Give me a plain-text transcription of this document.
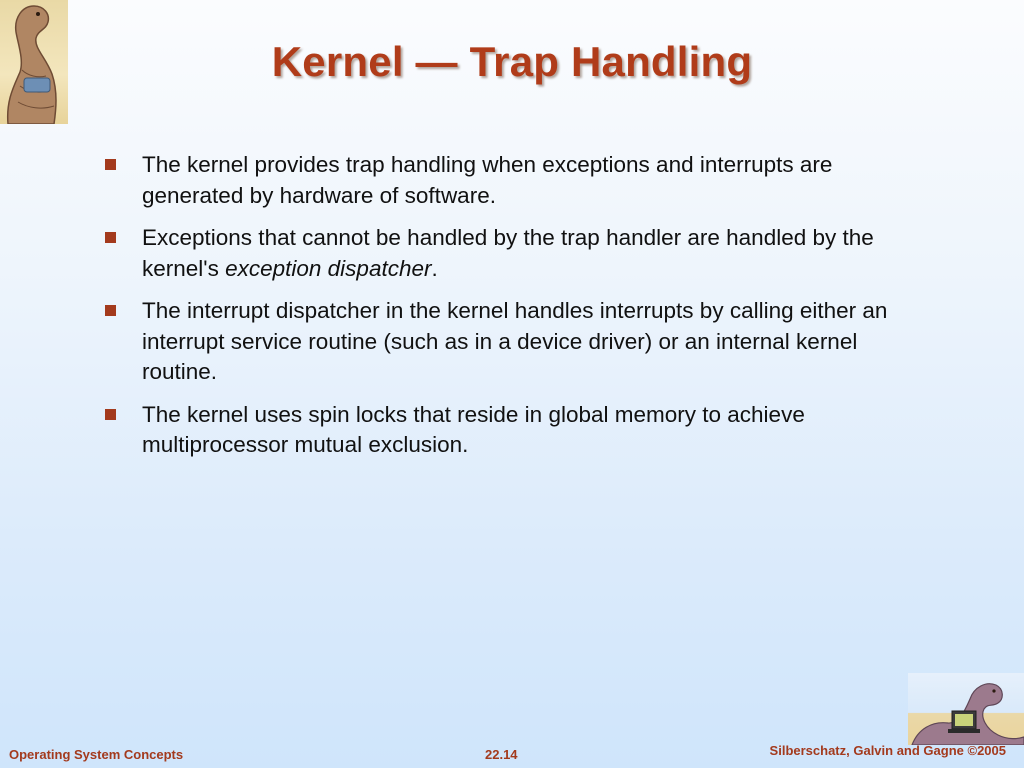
Kernel — Trap Handling
The kernel provides trap handling when exceptions and interrupts are generated by hardware of software.
Exceptions that cannot be handled by the trap handler are handled by the kernel's exception dispatcher.
The interrupt dispatcher in the kernel handles interrupts by calling either an interrupt service routine (such as in a device driver) or an internal kernel routine.
The kernel uses spin locks that reside in global memory to achieve multiprocessor mutual exclusion.
Operating System Concepts	22.14	Silberschatz, Galvin and Gagne ©2005
